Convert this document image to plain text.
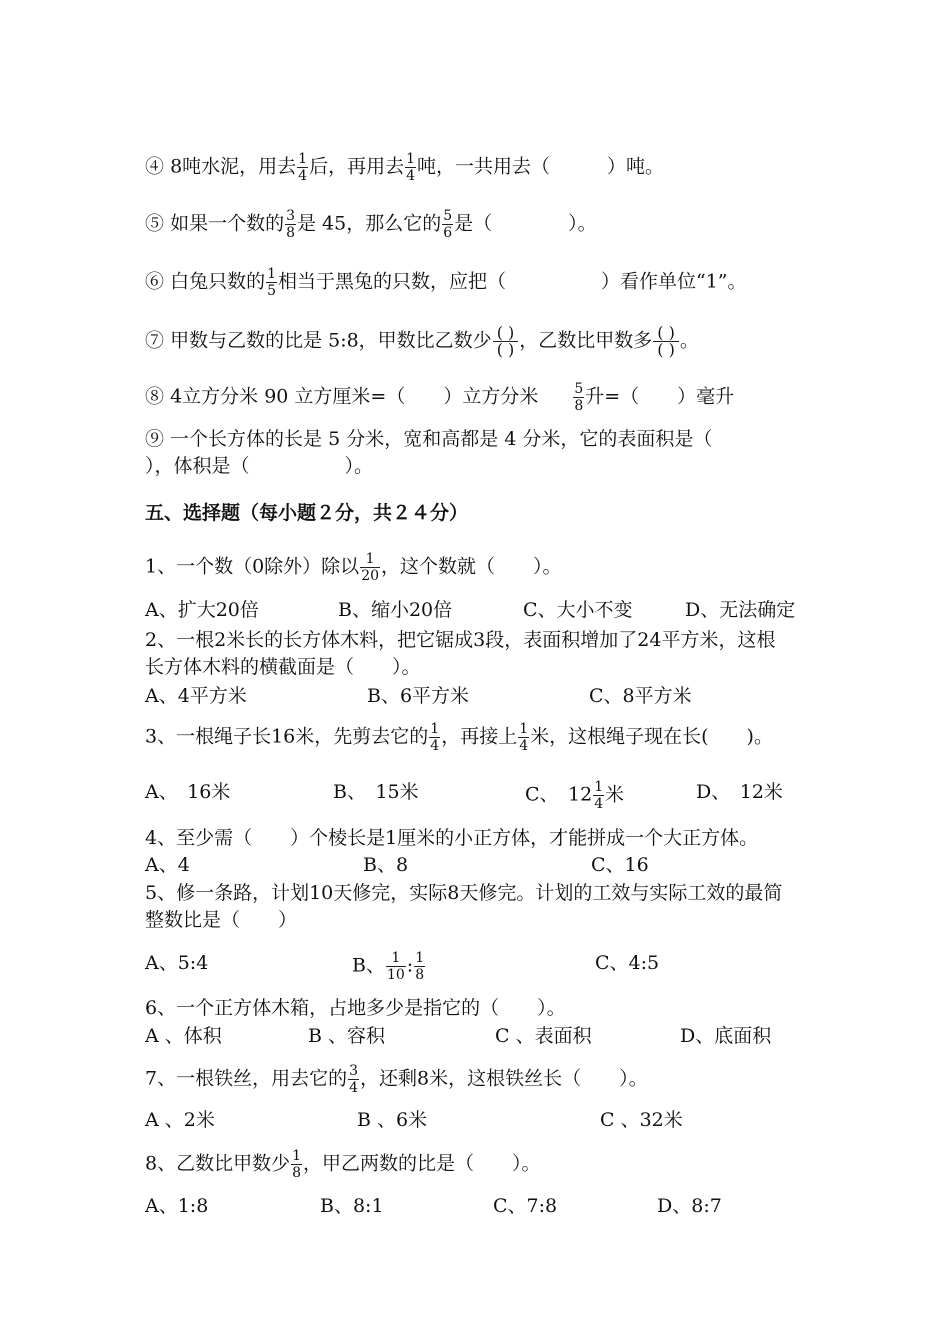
④ 8吨水泥，用去 $\frac{1}{4}$ 后，再用去 $\frac{1}{4}$ 吨，一共用去（　　　）吨。
⑤ 如果一个数的 $\frac{3}{8}$ 是 45，那么它的 $\frac{5}{6}$ 是（　　　　）。
⑥ 白兔只数的 $\frac{1}{5}$ 相当于黑兔的只数，应把（　　　　　）看作单位“1”。
⑦ 甲数与乙数的比是 5:8，甲数比乙数少 $\frac{( )}{( )}$ ，乙数比甲数多 $\frac{( )}{( )}$ 。
⑧ 4立方分米 90 立方厘米=（　　）立方分米	$\frac{5}{8}$ 升=（　　）毫升
⑨ 一个长方体的长是 5 分米，宽和高都是 4 分米，它的表面积是（
），体积是（　　　　　）。
五、选择题（每小题２分，共２４分）
1、一个数（0除外）除以 $\frac{1}{20}$ ，这个数就（　　）。
A、扩大20倍	B、缩小20倍	C、大小不变	D、无法确定
2、一根2米长的长方体木料，把它锯成3段，表面积增加了24平方米，这根
长方体木料的横截面是（　　）。
A、4平方米	B、6平方米	C、8平方米
3、一根绳子长16米，先剪去它的 $\frac{1}{4}$ ，再接上 $\frac{1}{4}$ 米，这根绳子现在长(　　)。
A、　16米	B、　15米	C、　$12 \frac{1}{4}$ 米	D、　12米
4、至少需（　　）个棱长是1厘米的小正方体，才能拼成一个大正方体。
A、4	B、8	C、16
5、修一条路，计划10天修完，实际8天修完。计划的工效与实际工效的最简
整数比是（　　）
A、5:4	B、 $\frac{1}{10}$ : $\frac{1}{8}$	C、4:5
6、一个正方体木箱，占地多少是指它的（　　）。
A 、体积	B 、容积	C 、表面积	D、底面积
7、一根铁丝，用去它的 $\frac{3}{4}$ ，还剩8米，这根铁丝长（　　）。
A 、2米	B 、6米	C 、32米
8、乙数比甲数少 $\frac{1}{8}$ ，甲乙两数的比是（　　）。
A、1:8	B、8:1	C、7:8	D、8:7
